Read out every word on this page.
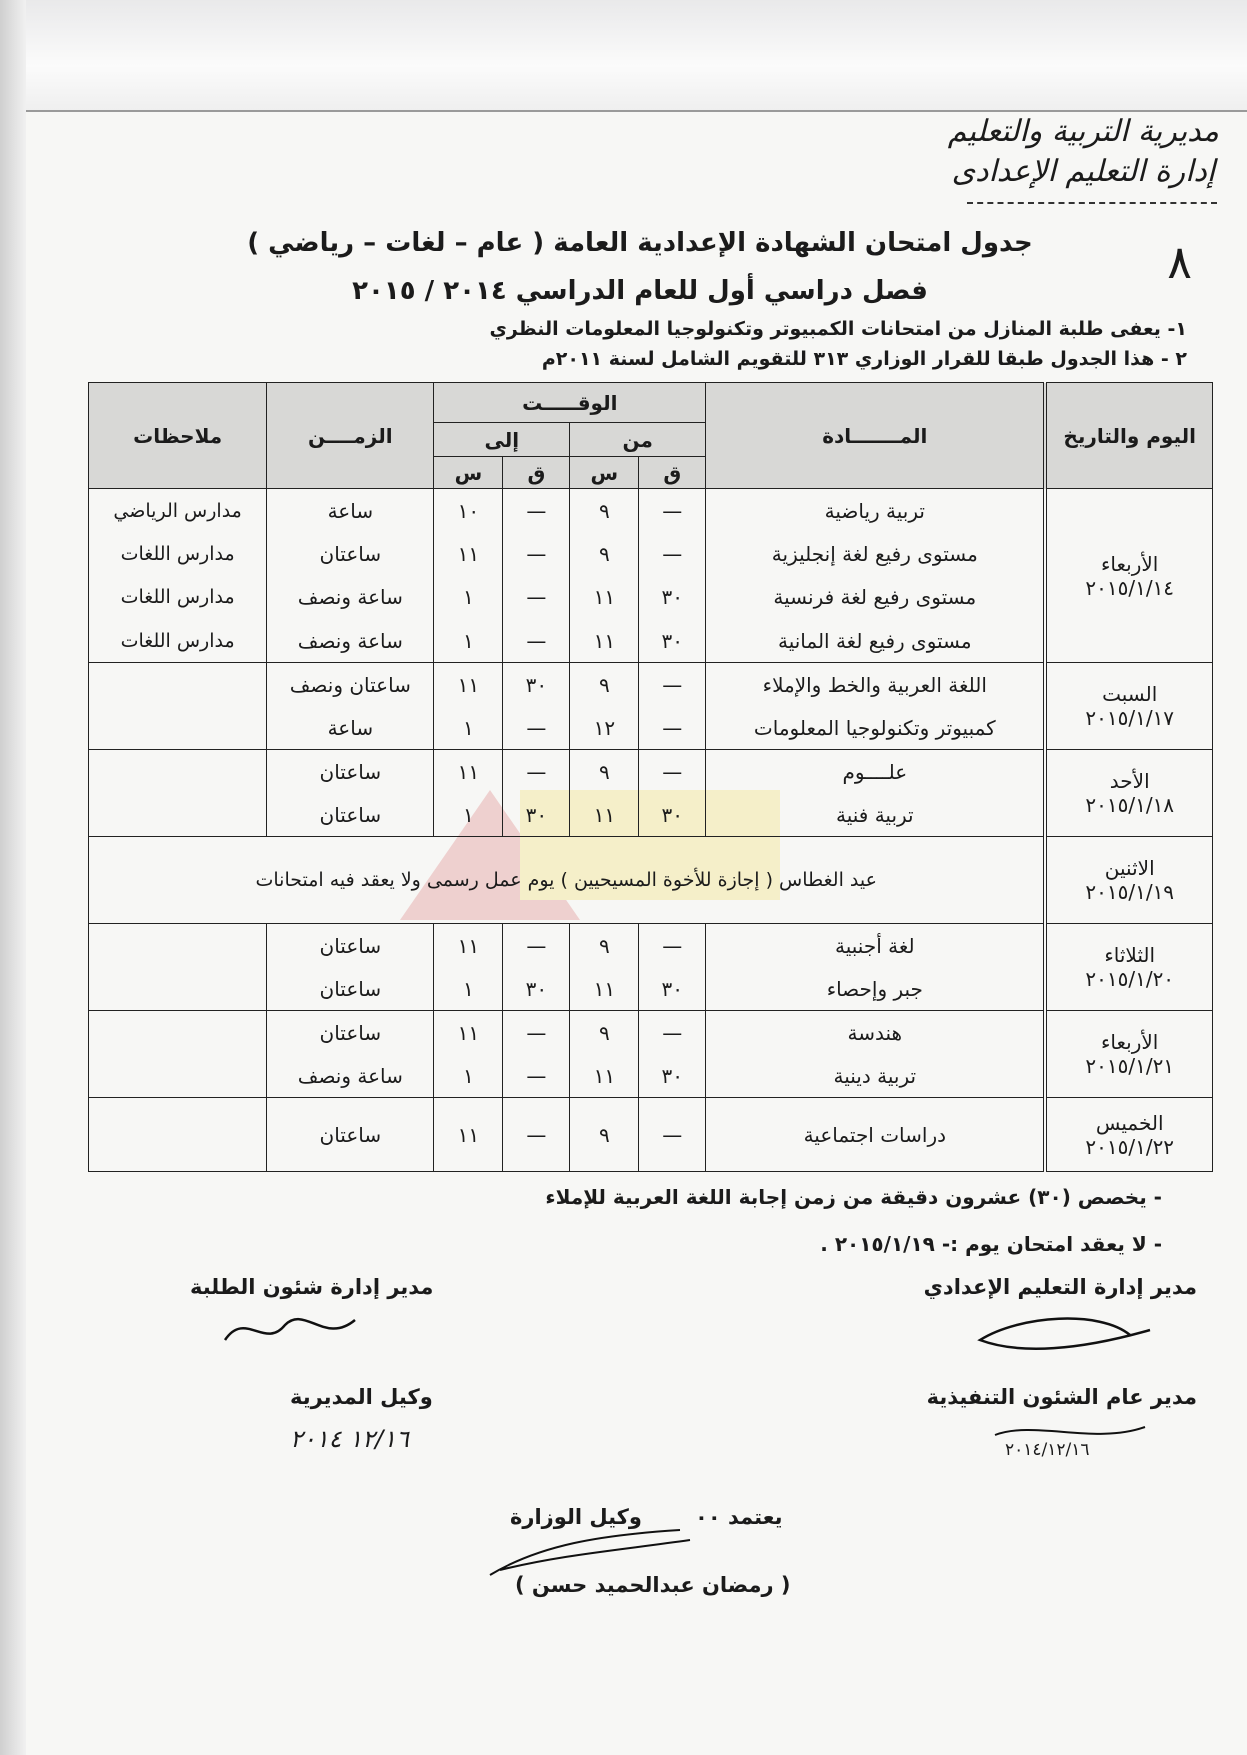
مديرية التربية والتعليم
إدارة التعليم الإعدادى
٨
جدول امتحان الشهادة الإعدادية العامة ( عام – لغات – رياضي )
فصل دراسي أول للعام الدراسي ٢٠١٤ / ٢٠١٥
١- يعفى طلبة المنازل من امتحانات الكمبيوتر وتكنولوجيا المعلومات النظري
٢ - هذا الجدول طبقا للقرار الوزاري ٣١٣ للتقويم الشامل لسنة ٢٠١١م
اليوم والتاريخ	المـــــــادة	الوقـــــت				الزمــــن	ملاحظات
		من		إلى			
		ق	س	ق	س		

الأربعاء
٢٠١٥/١/١٤	تربية رياضية	—	٩	—	١٠	ساعة	مدارس الرياضي
	مستوى رفيع لغة إنجليزية	—	٩	—	١١	ساعتان	مدارس اللغات
	مستوى رفيع لغة فرنسية	٣٠	١١	—	١	ساعة ونصف	مدارس اللغات
	مستوى رفيع لغة المانية	٣٠	١١	—	١	ساعة ونصف	مدارس اللغات

السبت
٢٠١٥/١/١٧	اللغة العربية والخط والإملاء	—	٩	٣٠	١١	ساعتان ونصف	
	كمبيوتر وتكنولوجيا المعلومات	—	١٢	—	١	ساعة	

الأحد
٢٠١٥/١/١٨	علــــوم	—	٩	—	١١	ساعتان	
	تربية فنية	٣٠	١١	٣٠	١	ساعتان	

الاثنين
٢٠١٥/١/١٩	عيد الغطاس ( إجازة للأخوة المسيحيين ) يوم عمل رسمى ولا يعقد فيه امتحانات						

الثلاثاء
٢٠١٥/١/٢٠	لغة أجنبية	—	٩	—	١١	ساعتان	
	جبر وإحصاء	٣٠	١١	٣٠	١	ساعتان	

الأربعاء
٢٠١٥/١/٢١	هندسة	—	٩	—	١١	ساعتان	
	تربية دينية	٣٠	١١	—	١	ساعة ونصف	

الخميس
٢٠١٥/١/٢٢	دراسات اجتماعية	—	٩	—	١١	ساعتان	
- يخصص (٣٠) عشرون دقيقة من زمن إجابة اللغة العربية للإملاء
- لا يعقد امتحان يوم :- ٢٠١٥/١/١٩ .
مدير إدارة التعليم الإعدادي
مدير إدارة شئون الطلبة
مدير عام الشئون التنفيذية
وكيل المديرية
٢٠١٤/١٢/١٦
١٢/١٦ ٢٠١٤
يعتمد ٠٠
وكيل الوزارة
( رمضان عبدالحميد حسن )
